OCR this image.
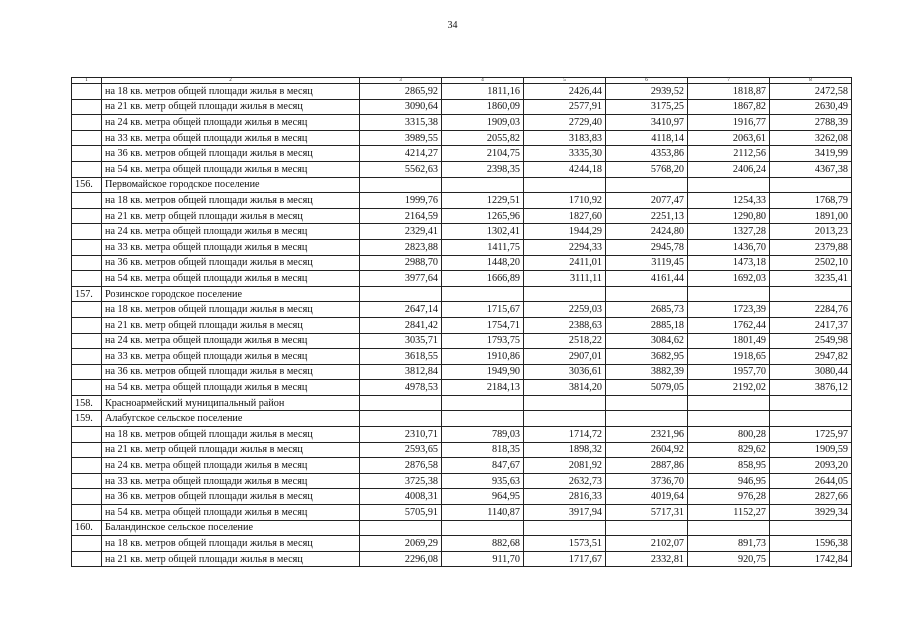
34
1	2	3	4	5	6	7	8
	на 18 кв. метров общей площади жилья в месяц	2865,92	1811,16	2426,44	2939,52	1818,87	2472,58
	на 21 кв. метр общей площади жилья в месяц	3090,64	1860,09	2577,91	3175,25	1867,82	2630,49
	на 24 кв. метра общей площади жилья в месяц	3315,38	1909,03	2729,40	3410,97	1916,77	2788,39
	на 33 кв. метра общей площади жилья в месяц	3989,55	2055,82	3183,83	4118,14	2063,61	3262,08
	на 36 кв. метров общей площади жилья в месяц	4214,27	2104,75	3335,30	4353,86	2112,56	3419,99
	на 54 кв. метра общей площади жилья в месяц	5562,63	2398,35	4244,18	5768,20	2406,24	4367,38
156.	Первомайское городское поселение						
	на 18 кв. метров общей площади жилья в месяц	1999,76	1229,51	1710,92	2077,47	1254,33	1768,79
	на 21 кв. метр общей площади жилья в месяц	2164,59	1265,96	1827,60	2251,13	1290,80	1891,00
	на 24 кв. метра общей площади жилья в месяц	2329,41	1302,41	1944,29	2424,80	1327,28	2013,23
	на 33 кв. метра общей площади жилья в месяц	2823,88	1411,75	2294,33	2945,78	1436,70	2379,88
	на 36 кв. метров общей площади жилья в месяц	2988,70	1448,20	2411,01	3119,45	1473,18	2502,10
	на 54 кв. метра общей площади жилья в месяц	3977,64	1666,89	3111,11	4161,44	1692,03	3235,41
157.	Розинское городское поселение						
	на 18 кв. метров общей площади жилья в месяц	2647,14	1715,67	2259,03	2685,73	1723,39	2284,76
	на 21 кв. метр общей площади жилья в месяц	2841,42	1754,71	2388,63	2885,18	1762,44	2417,37
	на 24 кв. метра общей площади жилья в месяц	3035,71	1793,75	2518,22	3084,62	1801,49	2549,98
	на 33 кв. метра общей площади жилья в месяц	3618,55	1910,86	2907,01	3682,95	1918,65	2947,82
	на 36 кв. метров общей площади жилья в месяц	3812,84	1949,90	3036,61	3882,39	1957,70	3080,44
	на 54 кв. метра общей площади жилья в месяц	4978,53	2184,13	3814,20	5079,05	2192,02	3876,12
158.	Красноармейский муниципальный район						
159.	Алабугское сельское поселение						
	на 18 кв. метров общей площади жилья в месяц	2310,71	789,03	1714,72	2321,96	800,28	1725,97
	на 21 кв. метр общей площади жилья в месяц	2593,65	818,35	1898,32	2604,92	829,62	1909,59
	на 24 кв. метра общей площади жилья в месяц	2876,58	847,67	2081,92	2887,86	858,95	2093,20
	на 33 кв. метра общей площади жилья в месяц	3725,38	935,63	2632,73	3736,70	946,95	2644,05
	на 36 кв. метров общей площади жилья в месяц	4008,31	964,95	2816,33	4019,64	976,28	2827,66
	на 54 кв. метра общей площади жилья в месяц	5705,91	1140,87	3917,94	5717,31	1152,27	3929,34
160.	Баландинское сельское поселение						
	на 18 кв. метров общей площади жилья в месяц	2069,29	882,68	1573,51	2102,07	891,73	1596,38
	на 21 кв. метр общей площади жилья в месяц	2296,08	911,70	1717,67	2332,81	920,75	1742,84
